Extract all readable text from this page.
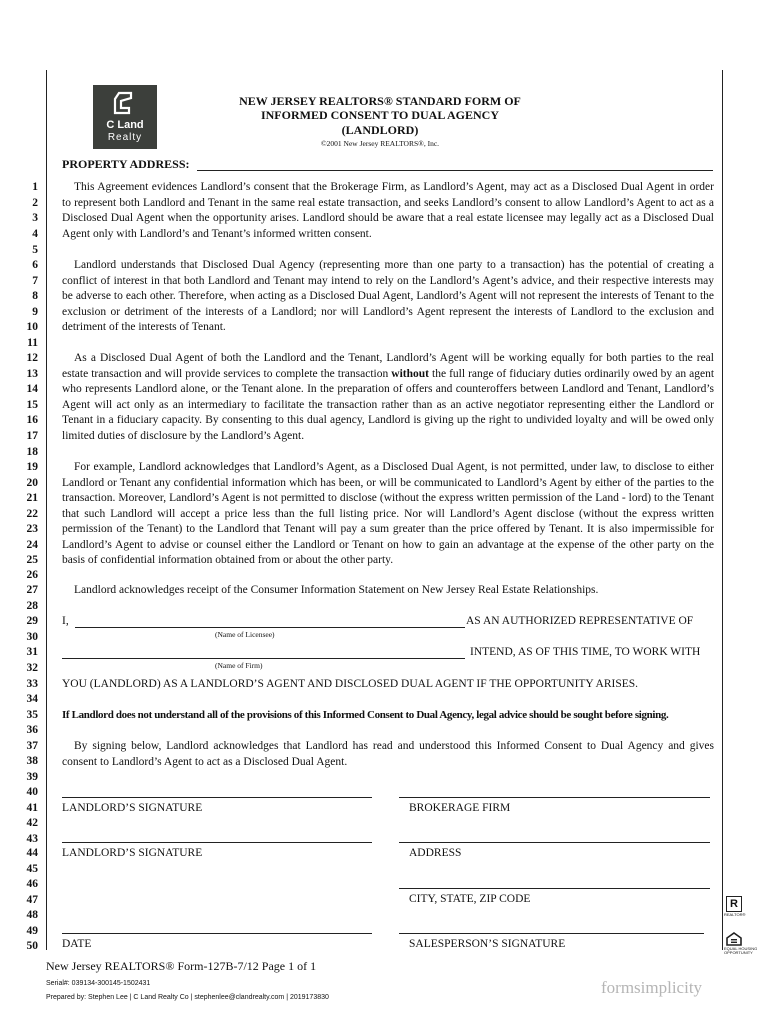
C Land
Realty
NEW JERSEY REALTORS® STANDARD FORM OF
INFORMED CONSENT TO DUAL AGENCY
(LANDLORD)
©2001 New Jersey REALTORS®, Inc.
PROPERTY ADDRESS:
1
2
3
4
5
6
7
8
9
10
11
12
13
14
15
16
17
18
19
20
21
22
23
24
25
26
27
28
29
30
31
32
33
34
35
36
37
38
39
40
41
42
43
44
45
46
47
48
49
50
This Agreement evidences Landlord’s consent that the Brokerage Firm, as Landlord’s Agent, may act as a Disclosed Dual Agent in order to represent both Landlord and Tenant in the same real estate transaction, and seeks Landlord’s consent to allow Landlord’s Agent to act as a Disclosed Dual Agent when the opportunity arises. Landlord should be aware that a real estate licensee may legally act as a Disclosed Dual Agent only with Landlord’s and Tenant’s informed written consent.
Landlord understands that Disclosed Dual Agency (representing more than one party to a transaction) has the potential of creating a conflict of interest in that both Landlord and Tenant may intend to rely on the Landlord’s Agent’s advice, and their respective interests may be adverse to each other. Therefore, when acting as a Disclosed Dual Agent, Landlord’s Agent will not represent the interests of Tenant to the exclusion or detriment of the interests of a Landlord; nor will Landlord’s Agent represent the interests of Landlord to the exclusion and detriment of the interests of Tenant.
As a Disclosed Dual Agent of both the Landlord and the Tenant, Landlord’s Agent will be working equally for both parties to the real estate transaction and will provide services to complete the transaction without the full range of fiduciary duties ordinarily owed by an agent who represents Landlord alone, or the Tenant alone. In the preparation of offers and counteroffers between Landlord and Tenant, Landlord’s Agent will act only as an intermediary to facilitate the transaction rather than as an active negotiator representing either the Landlord or Tenant in a fiduciary capacity. By consenting to this dual agency, Landlord is giving up the right to undivided loyalty and will be owed only limited duties of disclosure by the Landlord’s Agent.
For example, Landlord acknowledges that Landlord’s Agent, as a Disclosed Dual Agent, is not permitted, under law, to disclose to either Landlord or Tenant any confidential information which has been, or will be communicated to Landlord’s Agent by either of the parties to the transaction. Moreover, Landlord’s Agent is not permitted to disclose (without the express written permission of the Land - lord) to the Tenant that such Landlord will accept a price less than the full listing price. Nor will Landlord’s Agent disclose (without the express written permission of the Tenant) to the Landlord that Tenant will pay a sum greater than the price offered by Tenant. It is also impermissible for Landlord’s Agent to advise or counsel either the Landlord or Tenant on how to gain an advantage at the expense of the other party on the basis of confidential information obtained from or about the other party.
Landlord acknowledges receipt of the Consumer Information Statement on New Jersey Real Estate Relationships.
I,	AS AN AUTHORIZED REPRESENTATIVE OF
(Name of Licensee)
INTEND, AS OF THIS TIME, TO WORK WITH
(Name of Firm)
YOU (LANDLORD) AS A LANDLORD’S AGENT AND DISCLOSED DUAL AGENT IF THE OPPORTUNITY ARISES.
If Landlord does not understand all of the provisions of this Informed Consent to Dual Agency, legal advice should be sought before signing.
By signing below, Landlord acknowledges that Landlord has read and understood this Informed Consent to Dual Agency and gives consent to Landlord’s Agent to act as a Disclosed Dual Agent.
LANDLORD’S SIGNATURE	BROKERAGE FIRM
LANDLORD’S SIGNATURE	ADDRESS
CITY, STATE, ZIP CODE
DATE	SALESPERSON’S SIGNATURE
R
REALTOR®
EQUAL HOUSING OPPORTUNITY
New Jersey REALTORS® Form-127B-7/12 Page 1 of 1
Serial#: 039134-300145-1502431
Prepared by: Stephen Lee | C Land Realty Co | stephenlee@clandrealty.com | 2019173830
formsimplicity
